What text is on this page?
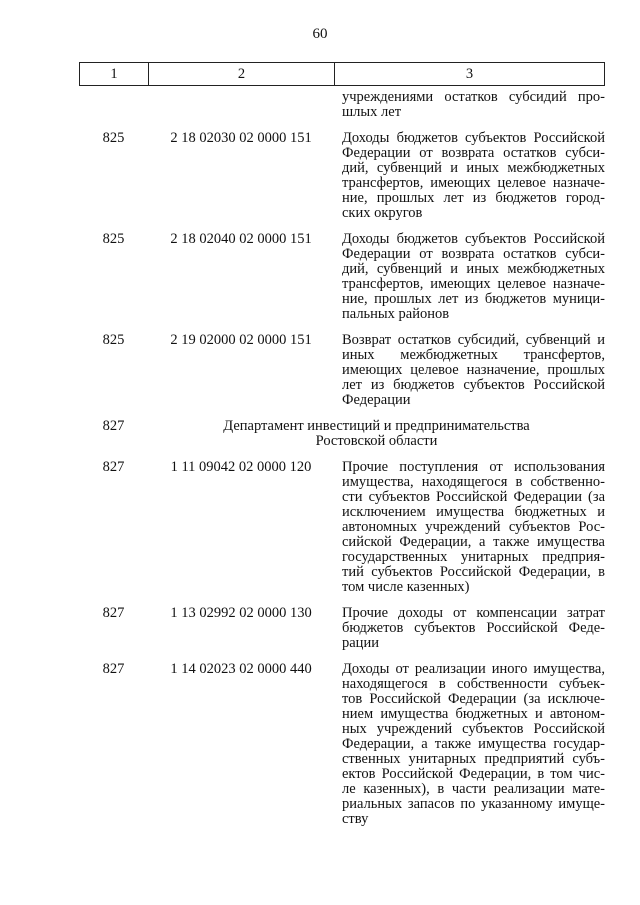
60
1	2	3
учреждениями остатков субсидий про-
шлых лет
825	2 18 02030 02 0000 151	Доходы бюджетов субъектов Российской
Федерации от возврата остатков субси-
дий, субвенций и иных межбюджетных
трансфертов, имеющих целевое назначе-
ние, прошлых лет из бюджетов город-
ских округов
825	2 18 02040 02 0000 151	Доходы бюджетов субъектов Российской
Федерации от возврата остатков субси-
дий, субвенций и иных межбюджетных
трансфертов, имеющих целевое назначе-
ние, прошлых лет из бюджетов муници-
пальных районов
825	2 19 02000 02 0000 151	Возврат остатков субсидий, субвенций и
иных межбюджетных трансфертов,
имеющих целевое назначение, прошлых
лет из бюджетов субъектов Российской
Федерации
827	Департамент инвестиций и предпринимательства
Ростовской области
827	1 11 09042 02 0000 120	Прочие поступления от использования
имущества, находящегося в собственно-
сти субъектов Российской Федерации (за
исключением имущества бюджетных и
автономных учреждений субъектов Рос-
сийской Федерации, а также имущества
государственных унитарных предприя-
тий субъектов Российской Федерации, в
том числе казенных)
827	1 13 02992 02 0000 130	Прочие доходы от компенсации затрат
бюджетов субъектов Российской Феде-
рации
827	1 14 02023 02 0000 440	Доходы от реализации иного имущества,
находящегося в собственности субъек-
тов Российской Федерации (за исключе-
нием имущества бюджетных и автоном-
ных учреждений субъектов Российской
Федерации, а также имущества государ-
ственных унитарных предприятий субъ-
ектов Российской Федерации, в том чис-
ле казенных), в части реализации мате-
риальных запасов по указанному имуще-
ству
